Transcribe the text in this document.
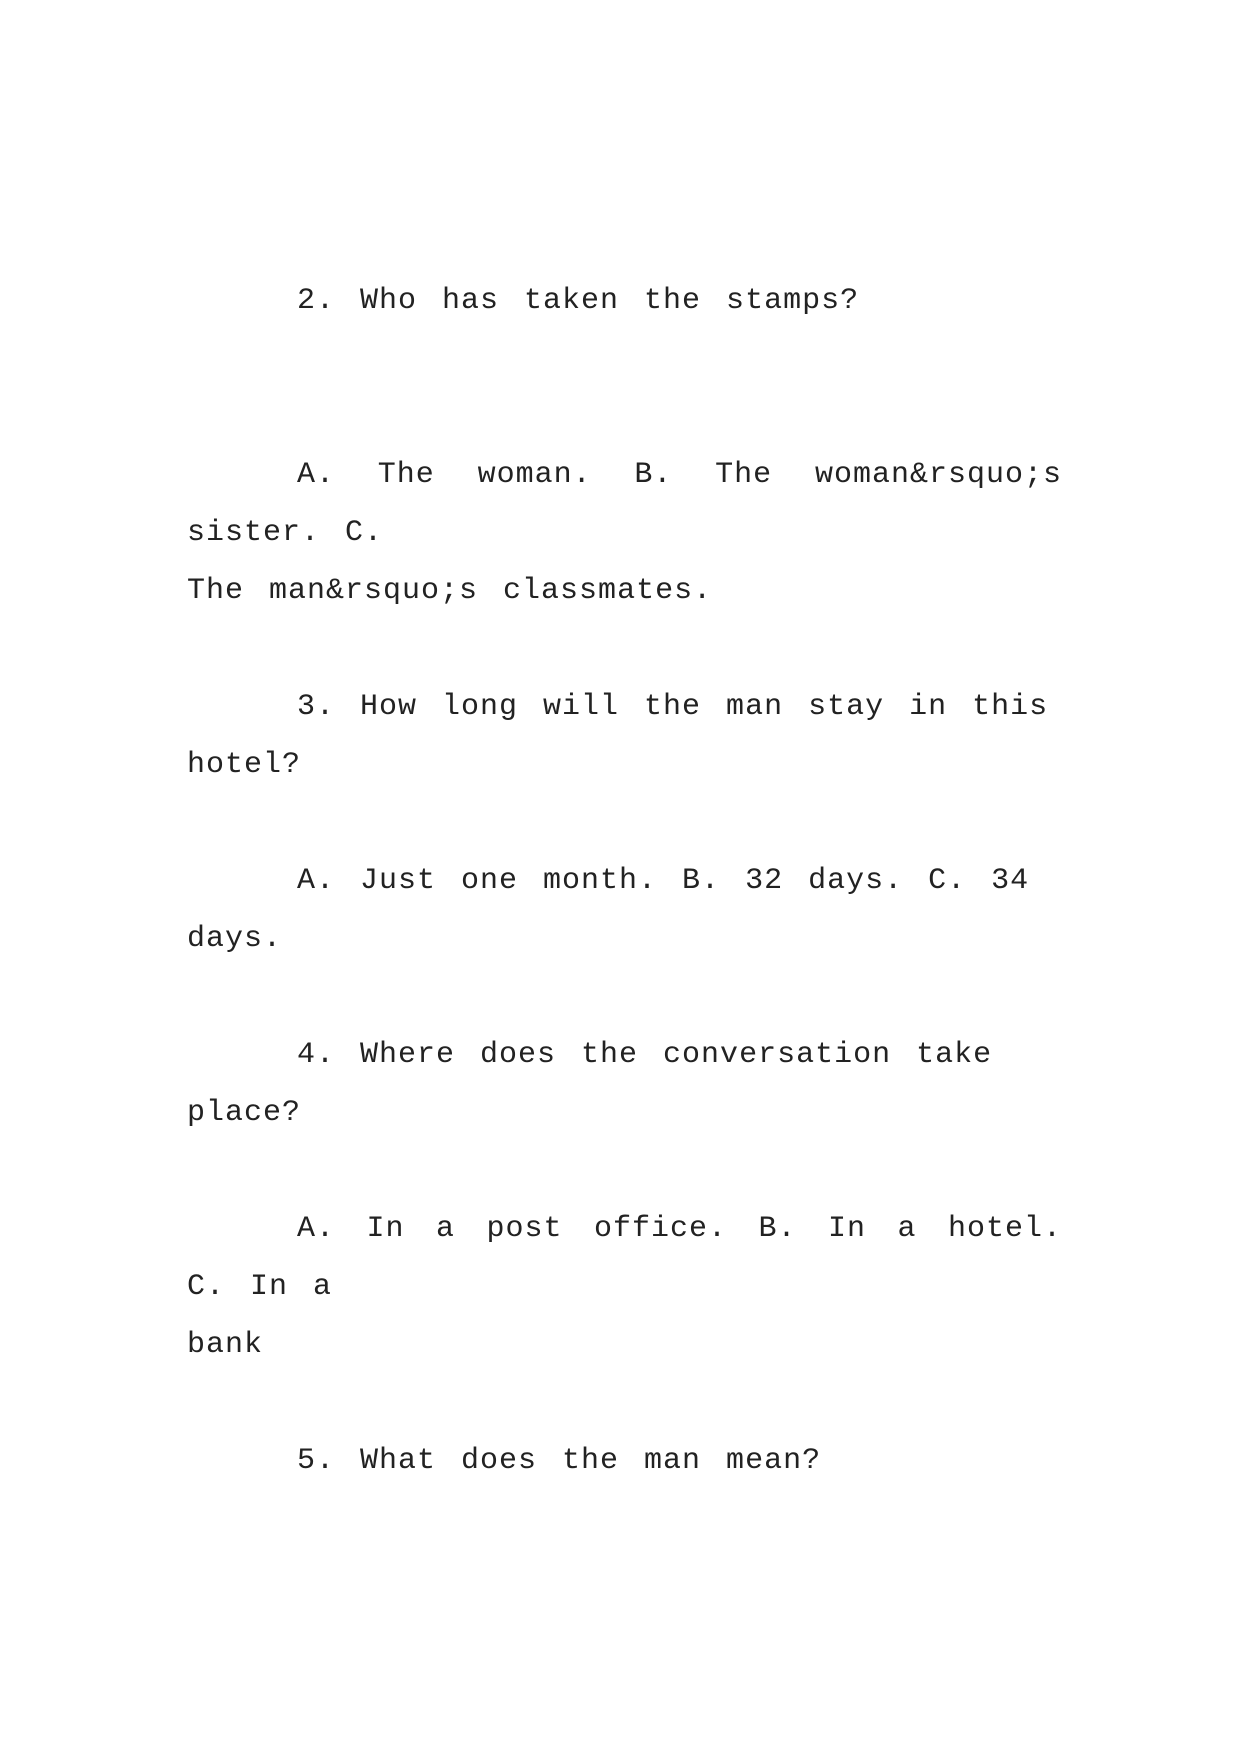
2. Who has taken the stamps?
A. The woman. B. The woman&rsquo;s sister. C.
The man&rsquo;s classmates.
3. How long will the man stay in this hotel?
A. Just one month. B. 32 days. C. 34 days.
4. Where does the conversation take place?
A. In a post office. B. In a hotel. C. In a
bank
5. What does the man mean?
